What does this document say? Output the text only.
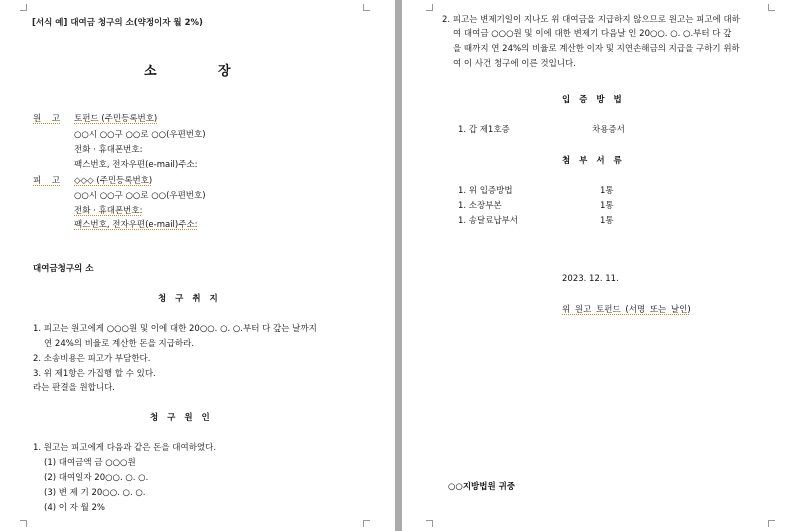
[서식 예] 대여금 청구의 소(약정이자 월 2%)
소	장
원 고 토펀드 (주민등록번호)
○○시 ○○구 ○○로 ○○(우편번호)
전화 · 휴대폰번호:
팩스번호, 전자우편(e-mail)주소:
피 고 ◇◇◇ (주민등록번호)
○○시 ○○구 ○○로 ○○(우편번호)
전화 · 휴대폰번호:
팩스번호, 전자우편(e-mail)주소:
대여금청구의 소
청 구 취 지
1. 피고는 원고에게 ○○○원 및 이에 대한 20○○. ○. ○.부터 다 갚는 날까지
연 24%의 비율로 계산한 돈을 지급하라.
2. 소송비용은 피고가 부담한다.
3. 위 제1항은 가집행 할 수 있다.
라는 판결을 원합니다.
청 구 원 인
1. 원고는 피고에게 다음과 같은 돈을 대여하였다.
(1) 대여금액 금 ○○○원
(2) 대여일자 20○○. ○. ○.
(3) 변 제 기 20○○. ○. ○.
(4) 이 자 월 2%
2. 피고는 변제기일이 지나도 위 대여금을 지급하지 않으므로 원고는 피고에 대하
여 대여금 ○○○원 및 이에 대한 변제기 다음날 인 20○○. ○. ○.부터 다 갚
을 때까지 연 24%의 비율로 계산한 이자 및 지연손해금의 지급을 구하기 위하
여 이 사건 청구에 이른 것입니다.
입 증 방 법
1. 갑 제1호증	차용증서
첨 부 서 류
1. 위 입증방법	1통
1. 소장부본	1통
1. 송달료납부서	1통
2023. 12. 11.
위 원고 토펀드 (서명 또는 날인)
○○지방법원 귀중
